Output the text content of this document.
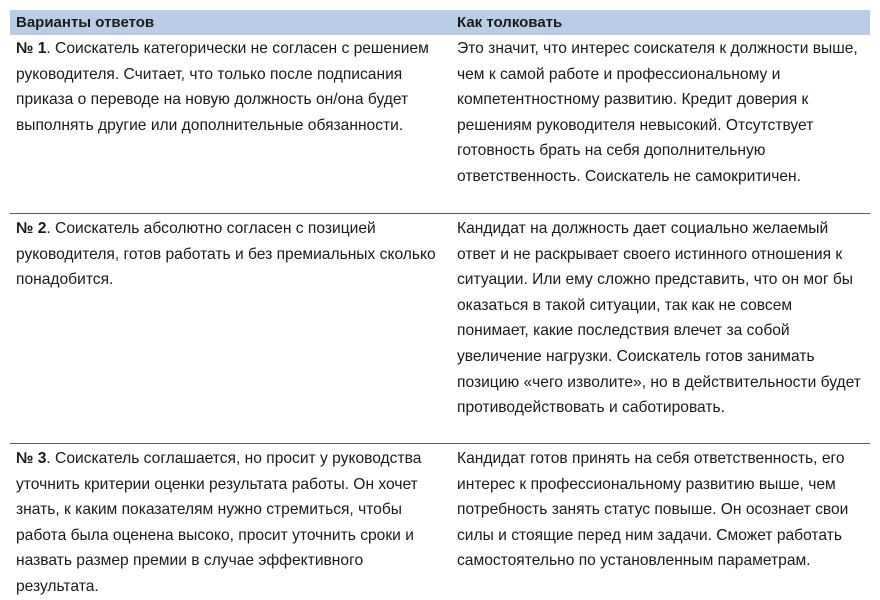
Варианты ответов	Как толковать
№ 1. Соискатель категорически не согласен с решением руководителя. Считает, что только после подписания приказа о переводе на новую должность он/она будет выполнять другие или дополнительные обязанности.
Это значит, что интерес соискателя к должности выше, чем к самой работе и профессиональному и компетентностному развитию. Кредит доверия к решениям руководителя невысокий. Отсутствует готовность брать на себя дополнительную ответственность. Соискатель не самокритичен.
№ 2. Соискатель абсолютно согласен с позицией руководителя, готов работать и без премиальных сколько понадобится.
Кандидат на должность дает социально желаемый ответ и не раскрывает своего истинного отношения к ситуации. Или ему сложно представить, что он мог бы оказаться в такой ситуации, так как не совсем понимает, какие последствия влечет за собой увеличение нагрузки. Соискатель готов занимать позицию «чего изволите», но в действительности будет противодействовать и саботировать.
№ 3. Соискатель соглашается, но просит у руководства уточнить критерии оценки результата работы. Он хочет знать, к каким показателям нужно стремиться, чтобы работа была оценена высоко, просит уточнить сроки и назвать размер премии в случае эффективного результата.
Кандидат готов принять на себя ответственность, его интерес к профессиональному развитию выше, чем потребность занять статус повыше. Он осознает свои силы и стоящие перед ним задачи. Сможет работать самостоятельно по установленным параметрам.
